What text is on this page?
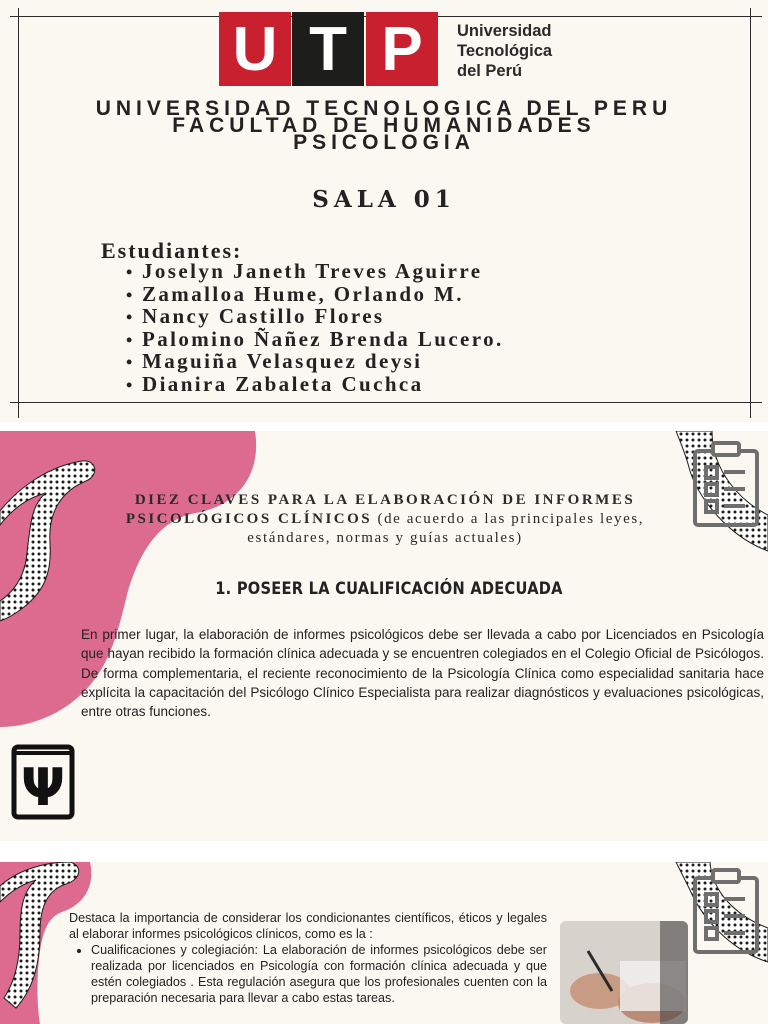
U T P	Universidad
Tecnológica
del Perú
UNIVERSIDAD TECNOLOGICA DEL PERU
FACULTAD DE HUMANIDADES
PSICOLOGIA
SALA 01
Estudiantes:
• Joselyn Janeth Treves Aguirre
• Zamalloa Hume, Orlando M.
• Nancy Castillo Flores
• Palomino Ñañez Brenda Lucero.
• Maguiña Velasquez deysi
• Dianira Zabaleta Cuchca
Ψ
DIEZ CLAVES PARA LA ELABORACIÓN DE INFORMES
PSICOLÓGICOS CLÍNICOS (de acuerdo a las principales leyes,
estándares, normas y guías actuales)
1. POSEER LA CUALIFICACIÓN ADECUADA
En primer lugar, la elaboración de informes psicológicos debe ser llevada a cabo por Licenciados en Psicología que hayan recibido la formación clínica adecuada y se encuentren colegiados en el Colegio Oficial de Psicólogos. De forma complementaria, el reciente reconocimiento de la Psicología Clínica como especialidad sanitaria hace explícita la capacitación del Psicólogo Clínico Especialista para realizar diagnósticos y evaluaciones psicológicas, entre otras funciones.
Destaca la importancia de considerar los condicionantes científicos, éticos y legales al elaborar informes psicológicos clínicos, como es la :
• Cualificaciones y colegiación: La elaboración de informes psicológicos debe ser realizada por licenciados en Psicología con formación clínica adecuada y que estén colegiados . Esta regulación asegura que los profesionales cuenten con la preparación necesaria para llevar a cabo estas tareas.
